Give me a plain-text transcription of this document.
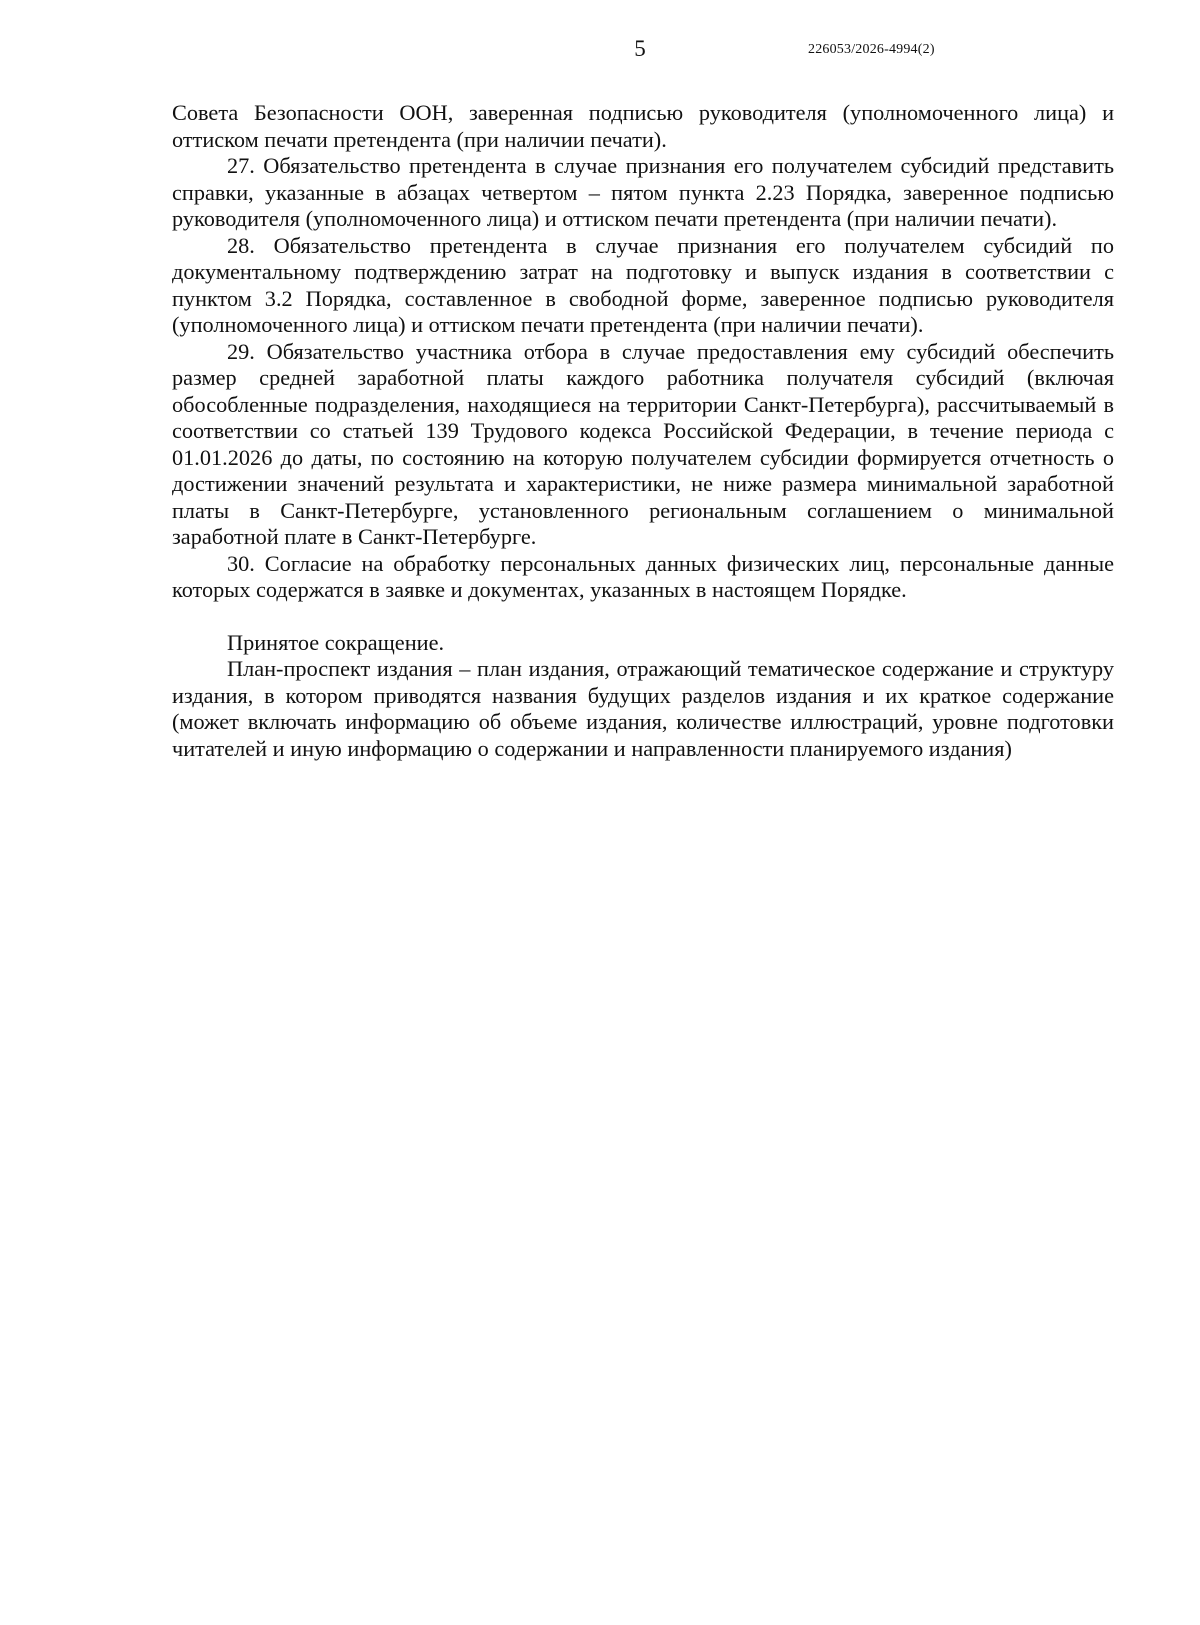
5	226053/2026-4994(2)

Совета Безопасности ООН, заверенная подписью руководителя (уполномоченного лица) и оттиском печати претендента (при наличии печати).

27. Обязательство претендента в случае признания его получателем субсидий представить справки, указанные в абзацах четвертом – пятом пункта 2.23 Порядка, заверенное подписью руководителя (уполномоченного лица) и оттиском печати претендента (при наличии печати).

28. Обязательство претендента в случае признания его получателем субсидий по документальному подтверждению затрат на подготовку и выпуск издания в соответствии с пунктом 3.2 Порядка, составленное в свободной форме, заверенное подписью руководителя (уполномоченного лица) и оттиском печати претендента (при наличии печати).

29. Обязательство участника отбора в случае предоставления ему субсидий обеспечить размер средней заработной платы каждого работника получателя субсидий (включая обособленные подразделения, находящиеся на территории Санкт-Петербурга), рассчитываемый в соответствии со статьей 139 Трудового кодекса Российской Федерации, в течение периода с 01.01.2026 до даты, по состоянию на которую получателем субсидии формируется отчетность о достижении значений результата и характеристики, не ниже размера минимальной заработной платы в Санкт-Петербурге, установленного региональным соглашением о минимальной заработной плате в Санкт-Петербурге.

30. Согласие на обработку персональных данных физических лиц, персональные данные которых содержатся в заявке и документах, указанных в настоящем Порядке.

Принятое сокращение.

План-проспект издания – план издания, отражающий тематическое содержание и структуру издания, в котором приводятся названия будущих разделов издания и их краткое содержание (может включать информацию об объеме издания, количестве иллюстраций, уровне подготовки читателей и иную информацию о содержании и направленности планируемого издания)
